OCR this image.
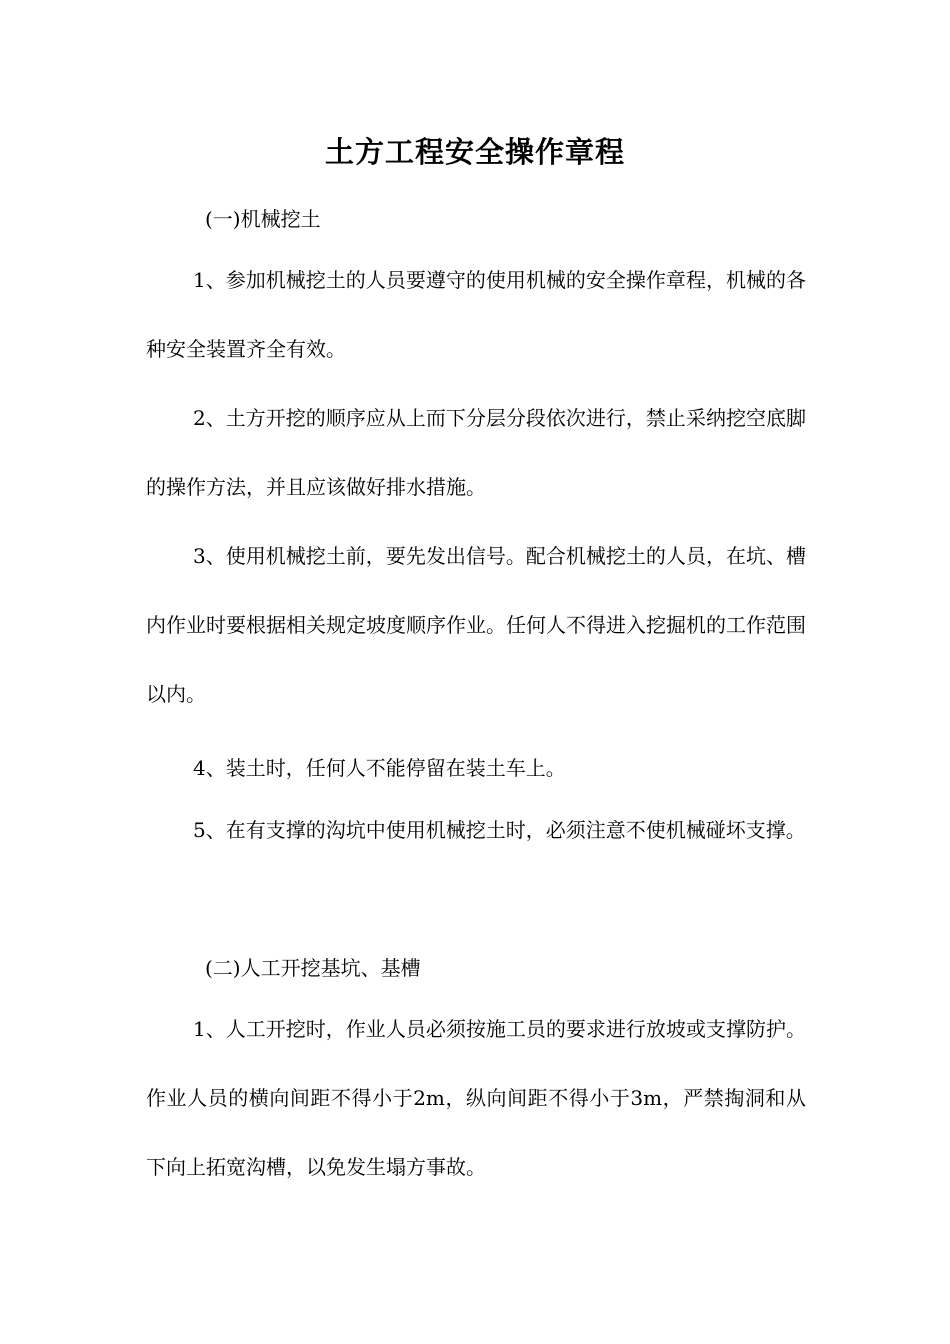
土方工程安全操作章程
(一)机械挖土
1、参加机械挖土的人员要遵守的使用机械的安全操作章程，机械的各种安全装置齐全有效。
2、土方开挖的顺序应从上而下分层分段依次进行，禁止采纳挖空底脚的操作方法，并且应该做好排水措施。
3、使用机械挖土前，要先发出信号。配合机械挖土的人员，在坑、槽内作业时要根据相关规定坡度顺序作业。任何人不得进入挖掘机的工作范围以内。
4、装土时，任何人不能停留在装土车上。
5、在有支撑的沟坑中使用机械挖土时，必须注意不使机械碰坏支撑。
(二)人工开挖基坑、基槽
1、人工开挖时，作业人员必须按施工员的要求进行放坡或支撑防护。作业人员的横向间距不得小于2m，纵向间距不得小于3m，严禁掏洞和从下向上拓宽沟槽，以免发生塌方事故。
